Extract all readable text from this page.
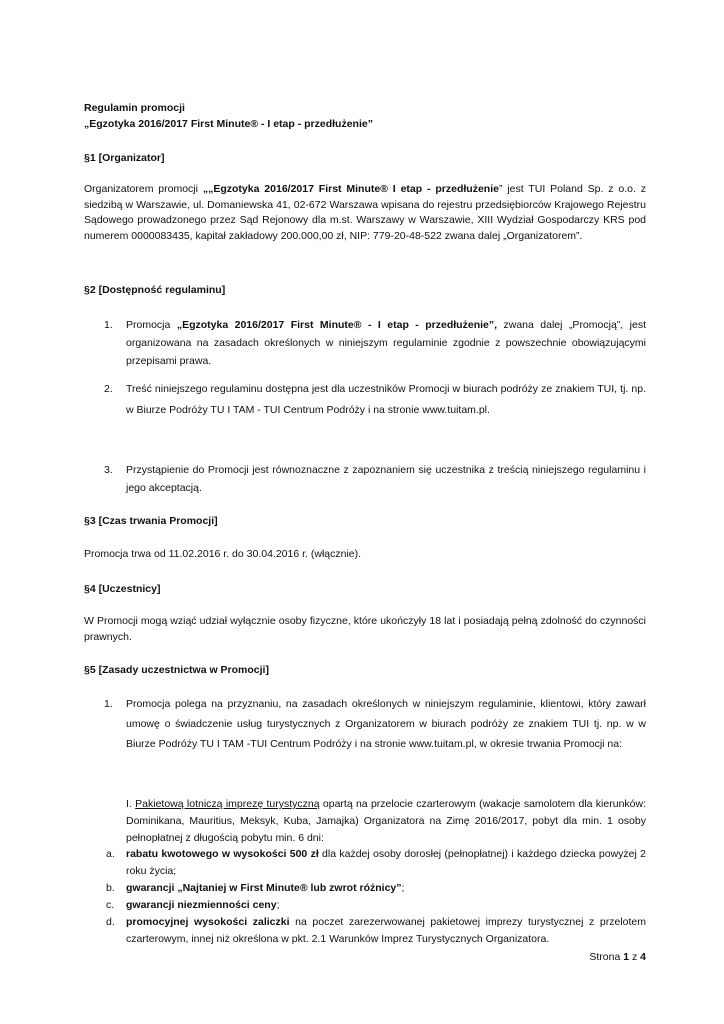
Regulamin promocji
„Egzotyka 2016/2017 First Minute® - I etap - przedłużenie”
§1 [Organizator]
Organizatorem promocji „„Egzotyka 2016/2017 First Minute® I etap - przedłużenie” jest TUI Poland Sp. z o.o. z siedzibą w Warszawie, ul. Domaniewska 41, 02-672 Warszawa wpisana do rejestru przedsiębiorców Krajowego Rejestru Sądowego prowadzonego przez Sąd Rejonowy dla m.st. Warszawy w Warszawie, XIII Wydział Gospodarczy KRS pod numerem 0000083435, kapitał zakładowy 200.000,00 zł, NIP: 779-20-48-522 zwana dalej „Organizatorem”.
§2 [Dostępność regulaminu]
1.	Promocja „Egzotyka 2016/2017 First Minute® - I etap - przedłużenie”, zwana dalej „Promocją”, jest organizowana na zasadach określonych w niniejszym regulaminie zgodnie z powszechnie obowiązującymi przepisami prawa.
2.	Treść niniejszego regulaminu dostępna jest dla uczestników Promocji w biurach podróży ze znakiem TUI, tj. np. w Biurze Podróży TU I TAM - TUI Centrum Podróży i na stronie www.tuitam.pl.
3.	Przystąpienie do Promocji jest równoznaczne z zapoznaniem się uczestnika z treścią niniejszego regulaminu i jego akceptacją.
§3 [Czas trwania Promocji]
Promocja trwa od 11.02.2016 r. do 30.04.2016 r. (włącznie).
§4 [Uczestnicy]
W Promocji mogą wziąć udział wyłącznie osoby fizyczne, które ukończyły 18 lat i posiadają pełną zdolność do czynności prawnych.
§5 [Zasady uczestnictwa w Promocji]
1.	Promocja polega na przyznaniu, na zasadach określonych w niniejszym regulaminie, klientowi, który zawarł umowę o świadczenie usług turystycznych z Organizatorem w biurach podróży ze znakiem TUI tj. np. w w Biurze Podróży TU I TAM -TUI Centrum Podróży i na stronie www.tuitam.pl, w okresie trwania Promocji na:
I. Pakietową lotniczą imprezę turystyczną opartą na przelocie czarterowym (wakacje samolotem dla kierunków: Dominikana, Mauritius, Meksyk, Kuba, Jamajka) Organizatora na Zimę 2016/2017, pobyt dla min. 1 osoby pełnopłatnej z długością pobytu min. 6 dni:
a.	rabatu kwotowego w wysokości 500 zł dla każdej osoby dorosłej (pełnopłatnej) i każdego dziecka powyżej 2 roku życia;
b.	gwarancji „Najtaniej w First Minute® lub zwrot różnicy”;
c.	gwarancji niezmienności ceny;
d.	promocyjnej wysokości zaliczki na poczet zarezerwowanej pakietowej imprezy turystycznej z przelotem czarterowym, innej niż określona w pkt. 2.1 Warunków Imprez Turystycznych Organizatora.
Strona 1 z 4
